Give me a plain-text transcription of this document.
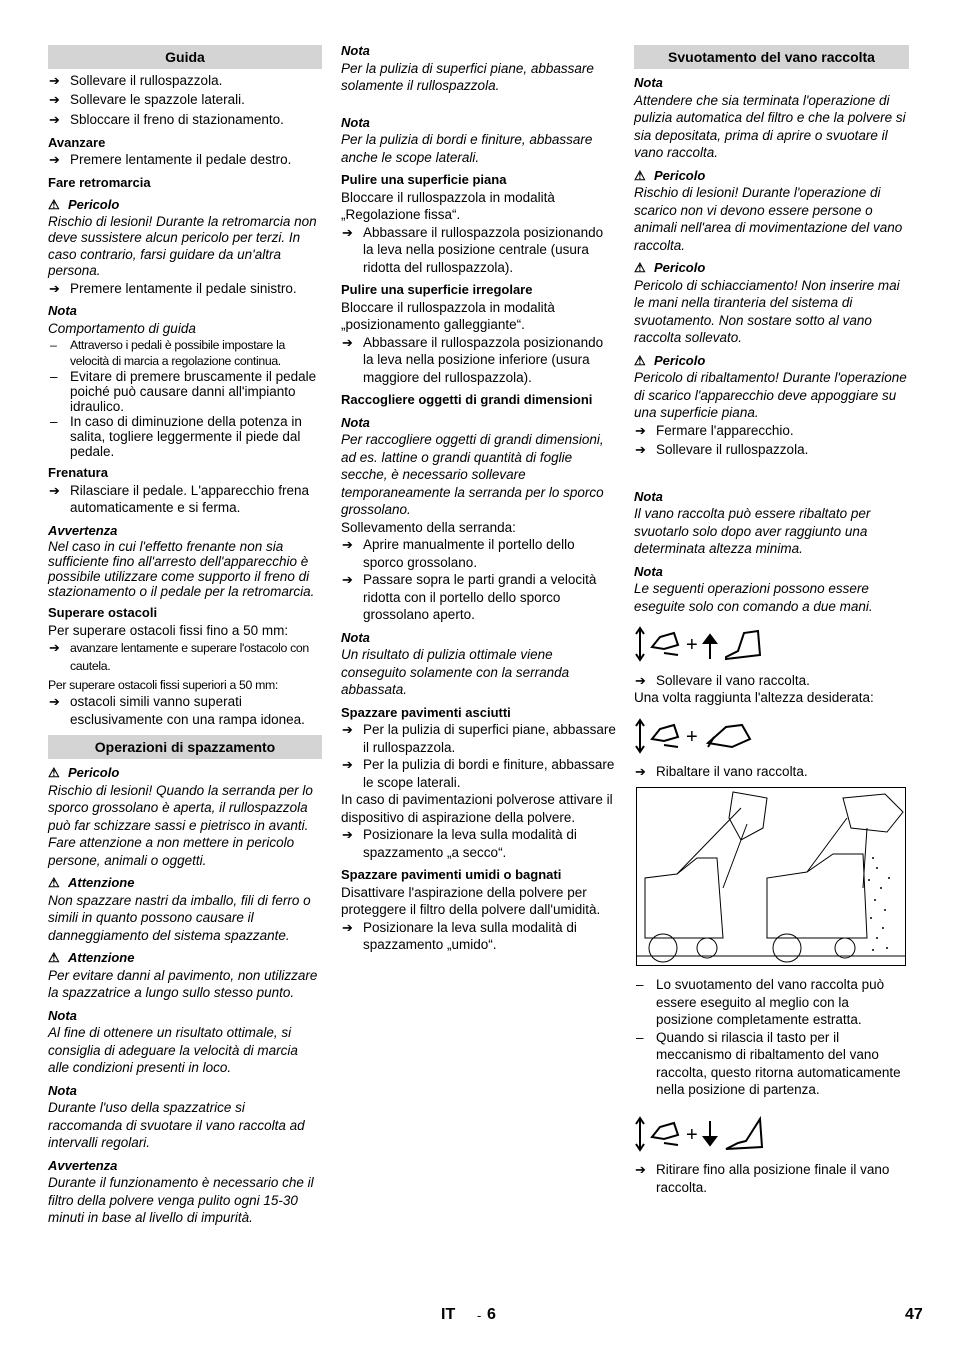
Guida
➔ Sollevare il rullospazzola.
➔ Sollevare le spazzole laterali.
➔ Sbloccare il freno di stazionamento.
Avanzare
➔ Premere lentamente il pedale destro.
Fare retromarcia
⚠ Pericolo
Rischio di lesioni! Durante la retromarcia non deve sussistere alcun pericolo per terzi. In caso contrario, farsi guidare da un'altra persona.
➔ Premere lentamente il pedale sinistro.
Nota
Comportamento di guida
– Attraverso i pedali è possibile impostare la velocità di marcia a regolazione continua.
– Evitare di premere bruscamente il pedale poiché può causare danni all'impianto idraulico.
– In caso di diminuzione della potenza in salita, togliere leggermente il piede dal pedale.
Frenatura
➔ Rilasciare il pedale. L'apparecchio frena automaticamente e si ferma.
Avvertenza
Nel caso in cui l'effetto frenante non sia sufficiente fino all'arresto dell'apparecchio è possibile utilizzare come supporto il freno di stazionamento o il pedale per la retromarcia.
Superare ostacoli
Per superare ostacoli fissi fino a 50 mm:
➔ avanzare lentamente e superare l'ostacolo con cautela.
Per superare ostacoli fissi superiori a 50 mm:
➔ ostacoli simili vanno superati esclusivamente con una rampa idonea.
Operazioni di spazzamento
⚠ Pericolo
Rischio di lesioni! Quando la serranda per lo sporco grossolano è aperta, il rullospazzola può far schizzare sassi e pietrisco in avanti. Fare attenzione a non mettere in pericolo persone, animali o oggetti.
⚠ Attenzione
Non spazzare nastri da imballo, fili di ferro o simili in quanto possono causare il danneggiamento del sistema spazzante.
⚠ Attenzione
Per evitare danni al pavimento, non utilizzare la spazzatrice a lungo sullo stesso punto.
Nota
Al fine di ottenere un risultato ottimale, si consiglia di adeguare la velocità di marcia alle condizioni presenti in loco.
Nota
Durante l'uso della spazzatrice si raccomanda di svuotare il vano raccolta ad intervalli regolari.
Avvertenza
Durante il funzionamento è necessario che il filtro della polvere venga pulito ogni 15-30 minuti in base al livello di impurità.
Nota
Per la pulizia di superfici piane, abbassare solamente il rullospazzola.
Nota
Per la pulizia di bordi e finiture, abbassare anche le scope laterali.
Pulire una superficie piana
Bloccare il rullospazzola in modalità „Regolazione fissa“.
➔ Abbassare il rullospazzola posizionando la leva nella posizione centrale (usura ridotta del rullospazzola).
Pulire una superficie irregolare
Bloccare il rullospazzola in modalità „posizionamento galleggiante“.
➔ Abbassare il rullospazzola posizionando la leva nella posizione inferiore (usura maggiore del rullospazzola).
Raccogliere oggetti di grandi dimensioni
Nota
Per raccogliere oggetti di grandi dimensioni, ad es. lattine o grandi quantità di foglie secche, è necessario sollevare temporaneamente la serranda per lo sporco grossolano.
Sollevamento della serranda:
➔ Aprire manualmente il portello dello sporco grossolano.
➔ Passare sopra le parti grandi a velocità ridotta con il portello dello sporco grossolano aperto.
Nota
Un risultato di pulizia ottimale viene conseguito solamente con la serranda abbassata.
Spazzare pavimenti asciutti
➔ Per la pulizia di superfici piane, abbassare il rullospazzola.
➔ Per la pulizia di bordi e finiture, abbassare le scope laterali.
In caso di pavimentazioni polverose attivare il dispositivo di aspirazione della polvere.
➔ Posizionare la leva sulla modalità di spazzamento „a secco“.
Spazzare pavimenti umidi o bagnati
Disattivare l'aspirazione della polvere per proteggere il filtro della polvere dall'umidità.
➔ Posizionare la leva sulla modalità di spazzamento „umido“.
Svuotamento del vano raccolta
Nota
Attendere che sia terminata l'operazione di pulizia automatica del filtro e che la polvere si sia depositata, prima di aprire o svuotare il vano raccolta.
⚠ Pericolo
Rischio di lesioni! Durante l'operazione di scarico non vi devono essere persone o animali nell'area di movimentazione del vano raccolta.
⚠ Pericolo
Pericolo di schiacciamento! Non inserire mai le mani nella tiranteria del sistema di svuotamento. Non sostare sotto al vano raccolta sollevato.
⚠ Pericolo
Pericolo di ribaltamento! Durante l'operazione di scarico l'apparecchio deve appoggiare su una superficie piana.
➔ Fermare l'apparecchio.
➔ Sollevare il rullospazzola.
Nota
Il vano raccolta può essere ribaltato per svuotarlo solo dopo aver raggiunto una determinata altezza minima.
Nota
Le seguenti operazioni possono essere eseguite solo con comando a due mani.
+
➔ Sollevare il vano raccolta.
Una volta raggiunta l'altezza desiderata:
+
➔ Ribaltare il vano raccolta.
– Lo svuotamento del vano raccolta può essere eseguito al meglio con la posizione completamente estratta.
– Quando si rilascia il tasto per il meccanismo di ribaltamento del vano raccolta, questo ritorna automaticamente nella posizione di partenza.
+
➔ Ritirare fino alla posizione finale il vano raccolta.
IT - 6	47
